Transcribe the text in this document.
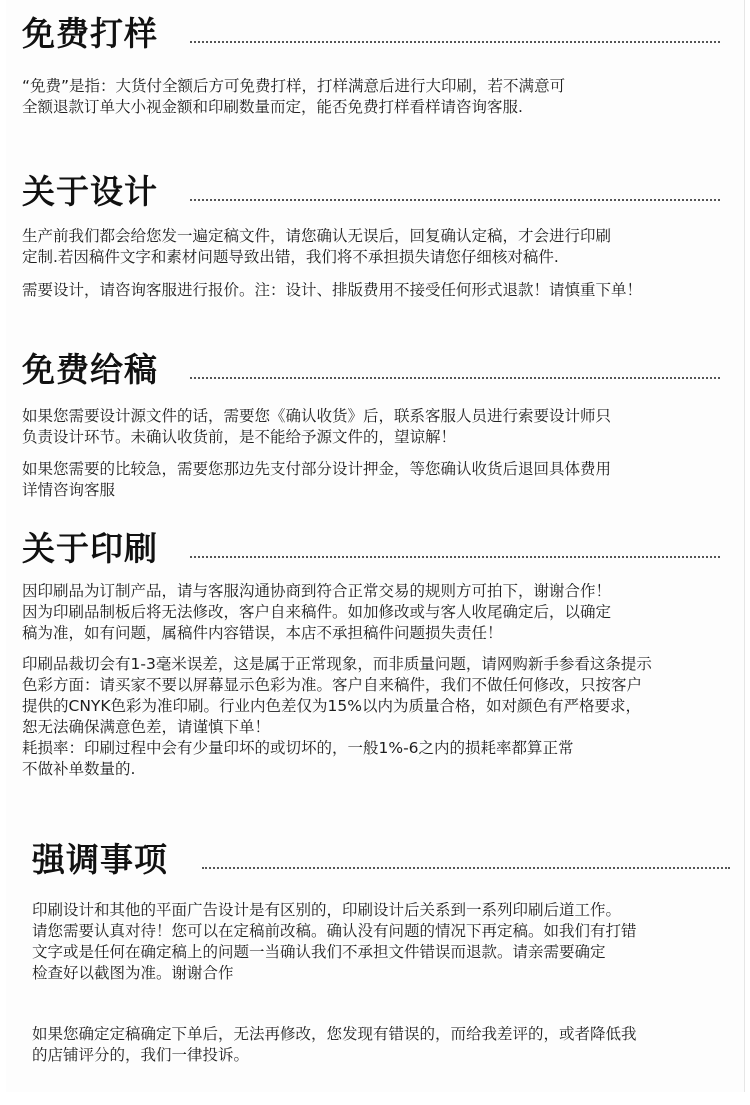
免费打样

“免费”是指：大货付全额后方可免费打样，打样满意后进行大印刷，若不满意可

全额退款订单大小视金额和印刷数量而定，能否免费打样看样请咨询客服.

关于设计

生产前我们都会给您发一遍定稿文件，请您确认无误后，回复确认定稿，才会进行印刷

定制.若因稿件文字和素材问题导致出错，我们将不承担损失请您仔细核对稿件.

需要设计，请咨询客服进行报价。注：设计、排版费用不接受任何形式退款！请慎重下单！

免费给稿

如果您需要设计源文件的话，需要您《确认收货》后，联系客服人员进行索要设计师只

负责设计环节。未确认收货前，是不能给予源文件的，望谅解！

如果您需要的比较急，需要您那边先支付部分设计押金，等您确认收货后退回具体费用

详情咨询客服

关于印刷

因印刷品为订制产品，请与客服沟通协商到符合正常交易的规则方可拍下，谢谢合作！

因为印刷品制板后将无法修改，客户自来稿件。如加修改或与客人收尾确定后，以确定

稿为准，如有问题，属稿件内容错误，本店不承担稿件问题损失责任！

印刷品裁切会有1-3毫米误差，这是属于正常现象，而非质量问题，请网购新手参看这条提示

色彩方面：请买家不要以屏幕显示色彩为准。客户自来稿件，我们不做任何修改，只按客户

提供的CNYK色彩为准印刷。行业内色差仅为15%以内为质量合格，如对颜色有严格要求，

恕无法确保满意色差，请谨慎下单！

耗损率：印刷过程中会有少量印坏的或切坏的，一般1%-6之内的损耗率都算正常

不做补单数量的.

强调事项

印刷设计和其他的平面广告设计是有区别的，印刷设计后关系到一系列印刷后道工作。

请您需要认真对待！您可以在定稿前改稿。确认没有问题的情况下再定稿。如我们有打错

文字或是任何在确定稿上的问题一当确认我们不承担文件错误而退款。请亲需要确定

检查好以截图为准。谢谢合作

如果您确定定稿确定下单后，无法再修改，您发现有错误的，而给我差评的，或者降低我

的店铺评分的，我们一律投诉。
